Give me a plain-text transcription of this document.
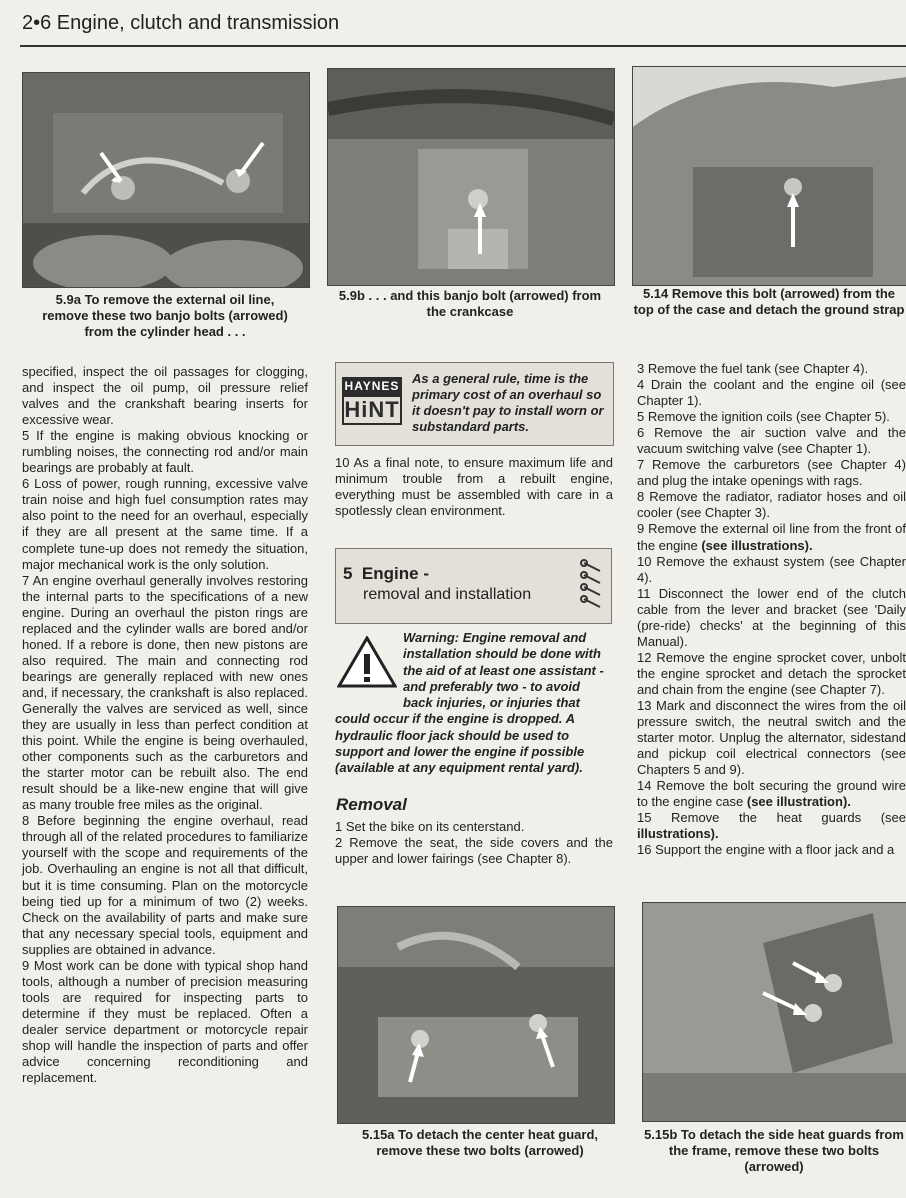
2•6 Engine, clutch and transmission
5.9a To remove the external oil line,
remove these two banjo bolts (arrowed)
from the cylinder head . . .
5.9b . . . and this banjo bolt (arrowed) from
the crankcase
5.14 Remove this bolt (arrowed) from the
top of the case and detach the ground strap

specified, inspect the oil passages for clogging, and inspect the oil pump, oil pressure relief valves and the crankshaft bearing inserts for excessive wear.

5 If the engine is making obvious knocking or rumbling noises, the connecting rod and/or main bearings are probably at fault.

6 Loss of power, rough running, excessive valve train noise and high fuel consumption rates may also point to the need for an overhaul, especially if they are all present at the same time. If a complete tune-up does not remedy the situation, major mechanical work is the only solution.

7 An engine overhaul generally involves restoring the internal parts to the specifications of a new engine. During an overhaul the piston rings are replaced and the cylinder walls are bored and/or honed. If a rebore is done, then new pistons are also required. The main and connecting rod bearings are generally replaced with new ones and, if necessary, the crankshaft is also replaced. Generally the valves are serviced as well, since they are usually in less than perfect condition at this point. While the engine is being overhauled, other components such as the carburetors and the starter motor can be rebuilt also. The end result should be a like-new engine that will give as many trouble free miles as the original.

8 Before beginning the engine overhaul, read through all of the related procedures to familiarize yourself with the scope and requirements of the job. Overhauling an engine is not all that difficult, but it is time consuming. Plan on the motorcycle being tied up for a minimum of two (2) weeks. Check on the availability of parts and make sure that any necessary special tools, equipment and supplies are obtained in advance.

9 Most work can be done with typical shop hand tools, although a number of precision measuring tools are required for inspecting parts to determine if they must be replaced. Often a dealer service department or motorcycle repair shop will handle the inspection of parts and offer advice concerning reconditioning and replacement.

HAYNES
HiNT
As a general rule, time is the primary cost of an overhaul so it doesn't pay to install worn or substandard parts.
10 As a final note, to ensure maximum life and minimum trouble from a rebuilt engine, everything must be assembled with care in a spotlessly clean environment.
5 Engine -
removal and installation
Warning: Engine removal and installation should be done with the aid of at least one assistant - and preferably two - to avoid back injuries, or injuries that could occur if the engine is dropped. A hydraulic floor jack should be used to support and lower the engine if possible (available at any equipment rental yard).
Removal

1 Set the bike on its centerstand.

2 Remove the seat, the side covers and the upper and lower fairings (see Chapter 8).

3 Remove the fuel tank (see Chapter 4).

4 Drain the coolant and the engine oil (see Chapter 1).

5 Remove the ignition coils (see Chapter 5).

6 Remove the air suction valve and the vacuum switching valve (see Chapter 1).

7 Remove the carburetors (see Chapter 4) and plug the intake openings with rags.

8 Remove the radiator, radiator hoses and oil cooler (see Chapter 3).

9 Remove the external oil line from the front of the engine (see illustrations).

10 Remove the exhaust system (see Chapter 4).

11 Disconnect the lower end of the clutch cable from the lever and bracket (see 'Daily (pre-ride) checks' at the beginning of this Manual).

12 Remove the engine sprocket cover, unbolt the engine sprocket and detach the sprocket and chain from the engine (see Chapter 7).

13 Mark and disconnect the wires from the oil pressure switch, the neutral switch and the starter motor. Unplug the alternator, sidestand and pickup coil electrical connectors (see Chapters 5 and 9).

14 Remove the bolt securing the ground wire to the engine case (see illustration).

15 Remove the heat guards (see illustrations).

16 Support the engine with a floor jack and a

5.15a To detach the center heat guard,
remove these two bolts (arrowed)
5.15b To detach the side heat guards from
the frame, remove these two bolts
(arrowed)
